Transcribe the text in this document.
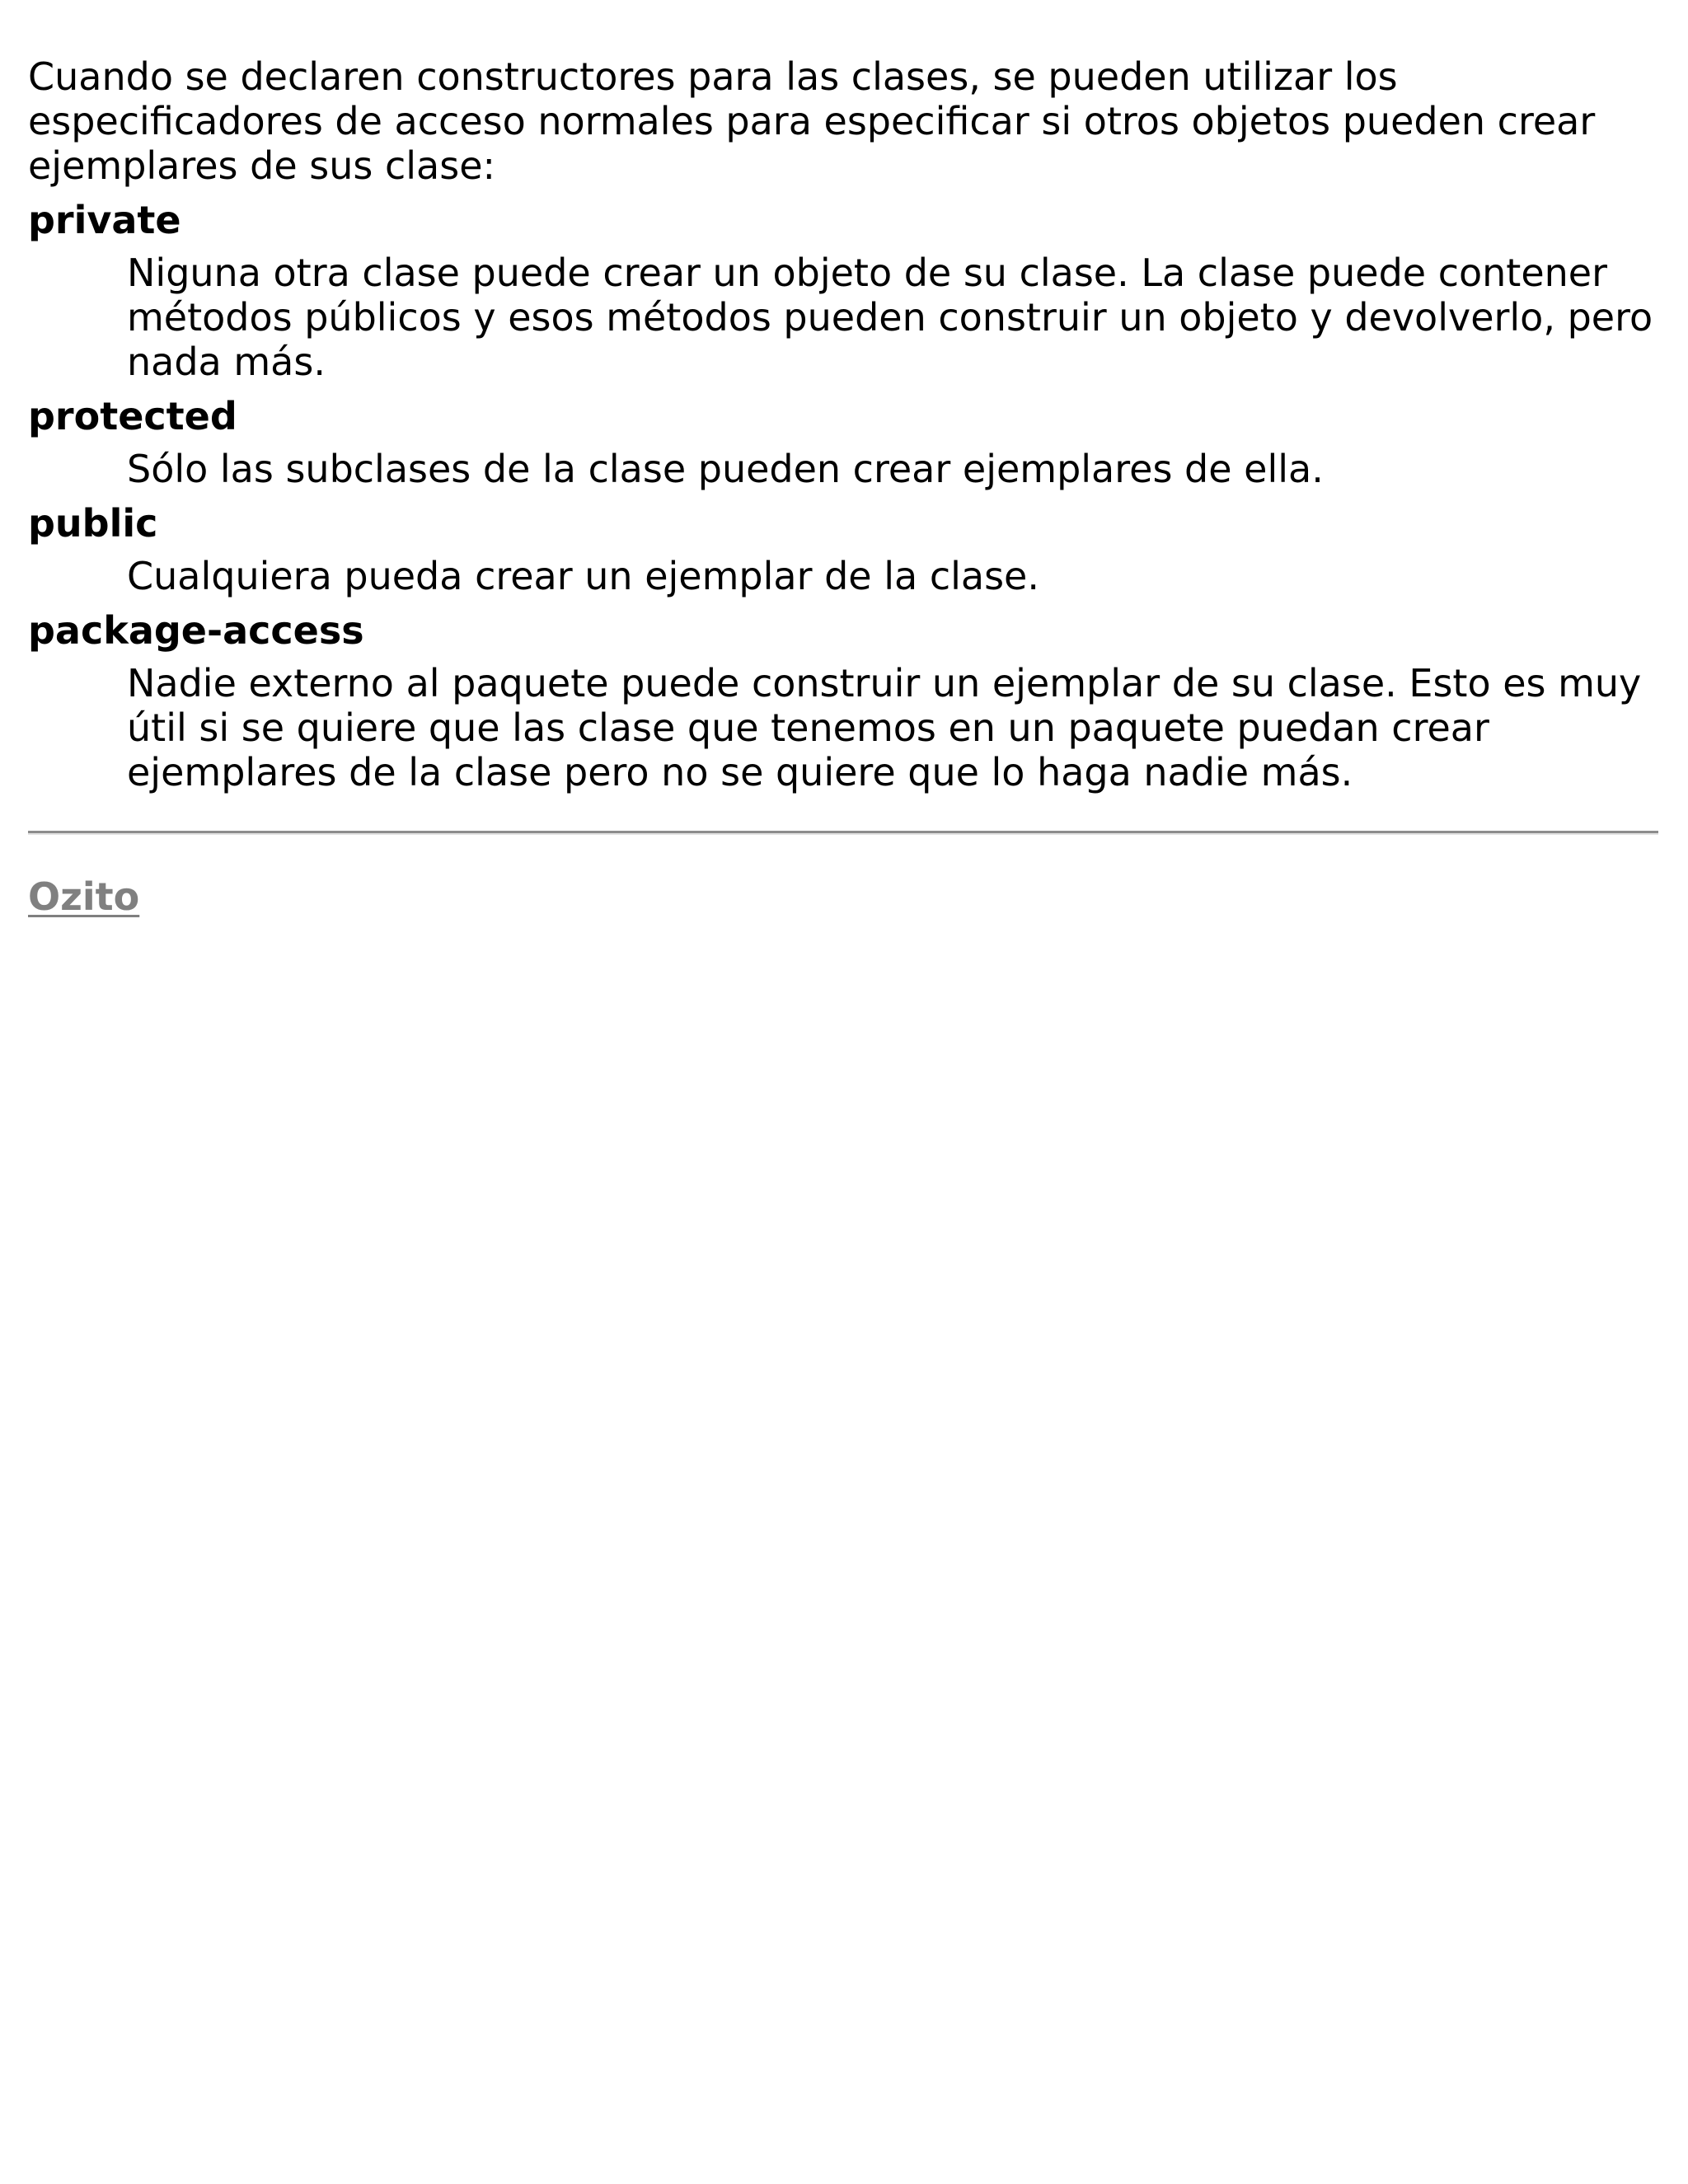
Cuando se declaren constructores para las clases, se pueden utilizar los especificadores de acceso normales para especificar si otros objetos pueden crear ejemplares de sus clase:

private
Niguna otra clase puede crear un objeto de su clase. La clase puede contener métodos públicos y esos métodos pueden construir un objeto y devolverlo, pero nada más.
protected
Sólo las subclases de la clase pueden crear ejemplares de ella.
public
Cualquiera pueda crear un ejemplar de la clase.
package-access
Nadie externo al paquete puede construir un ejemplar de su clase. Esto es muy útil si se quiere que las clase que tenemos en un paquete puedan crear ejemplares de la clase pero no se quiere que lo haga nadie más.
Ozito
